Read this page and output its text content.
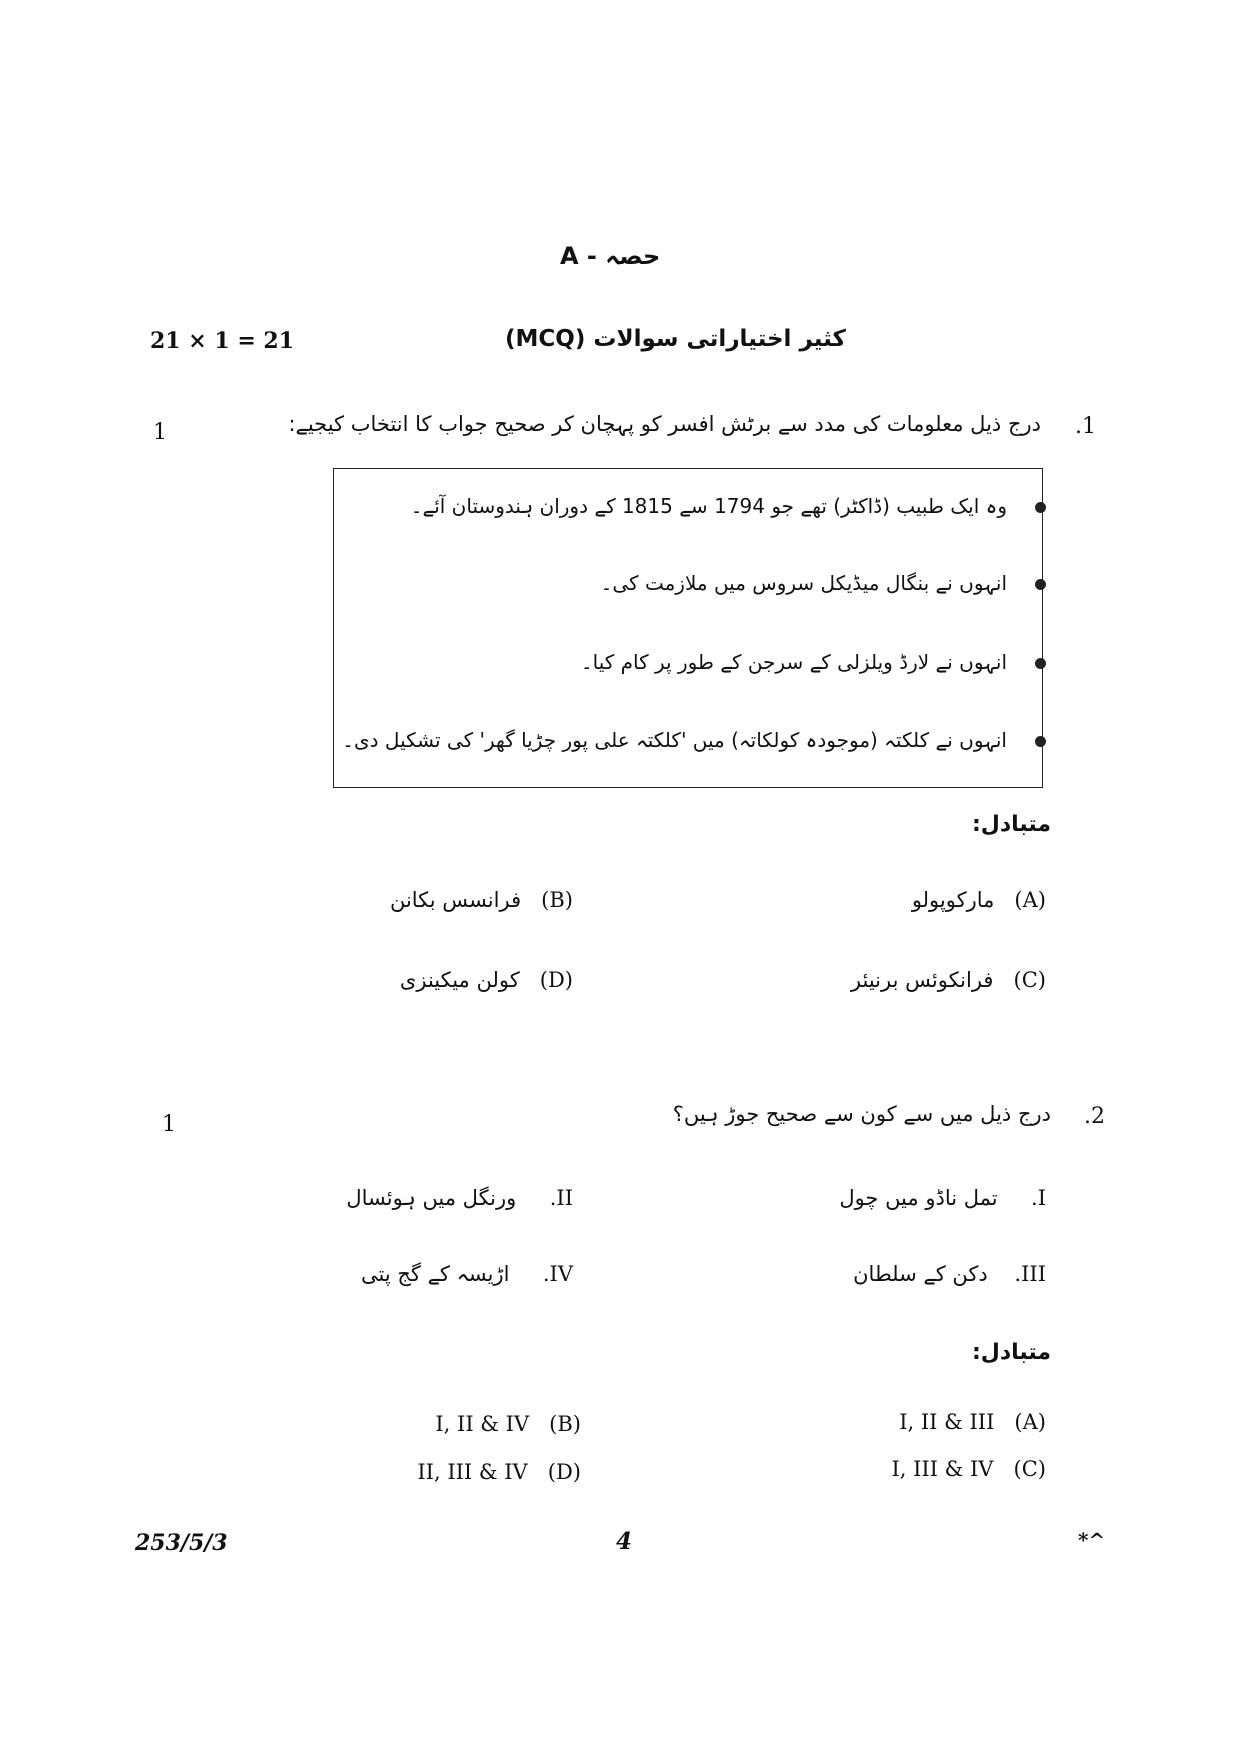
A - حصہ
21 × 1 = 21	کثیر اختیاراتی سوالات (MCQ)
1	.1
درج ذیل معلومات کی مدد سے برٹش افسر کو پہچان کر صحیح جواب کا انتخاب کیجیے:
وہ ایک طبیب (ڈاکٹر) تھے جو 1794 سے 1815 کے دوران ہندوستان آئے۔
انہوں نے بنگال میڈیکل سروس میں ملازمت کی۔
انہوں نے لارڈ ویلزلی کے سرجن کے طور پر کام کیا۔
انہوں نے کلکتہ (موجودہ کولکاتہ) میں 'کلکتہ علی پور چڑیا گھر' کی تشکیل دی۔
متبادل:
(A)   مارکوپولو
(B)   فرانسس بکانن
(C)   فرانکوئس برنیئر
(D)   کولن میکینزی
1	.2
درج ذیل میں سے کون سے صحیح جوڑ ہیں؟
I.     تمل ناڈو میں چول
II.     ورنگل میں ہوئسال
III.    دکن کے سلطان
IV.     اڑیسہ کے گج پتی
متبادل:
(A)   I, II & III
(B)   I, II & IV
(C)   I, III & IV
(D)   II, III & IV
253/5/3	4	*^
